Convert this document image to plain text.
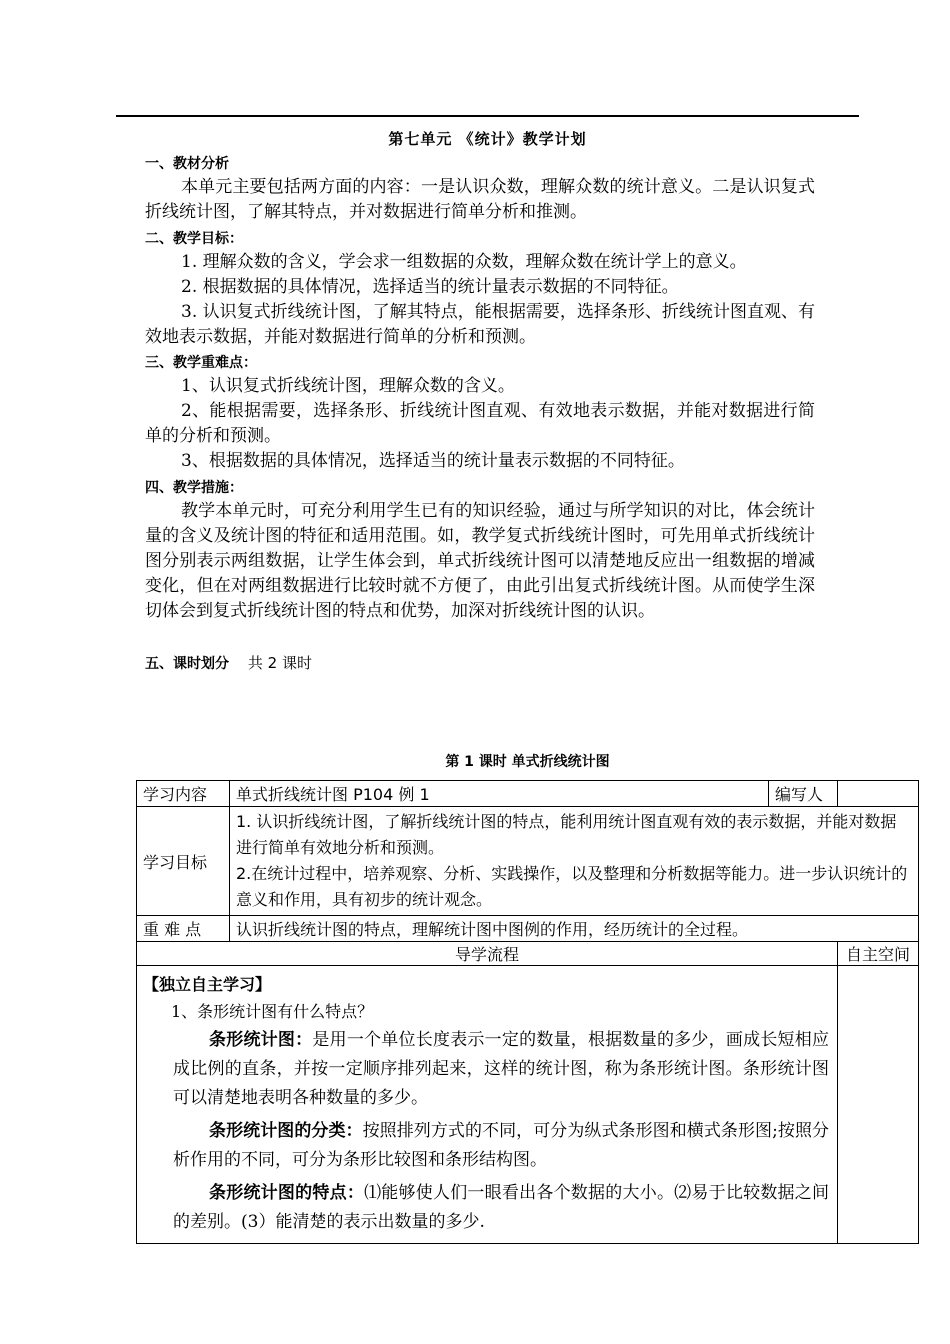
第七单元 《统计》教学计划
一、教材分析
本单元主要包括两方面的内容：一是认识众数，理解众数的统计意义。二是认识复式折线统计图，了解其特点，并对数据进行简单分析和推测。
二、教学目标：
1. 理解众数的含义，学会求一组数据的众数，理解众数在统计学上的意义。
2. 根据数据的具体情况，选择适当的统计量表示数据的不同特征。
3. 认识复式折线统计图，了解其特点，能根据需要，选择条形、折线统计图直观、有效地表示数据，并能对数据进行简单的分析和预测。
三、教学重难点：
1、认识复式折线统计图，理解众数的含义。
2、能根据需要，选择条形、折线统计图直观、有效地表示数据，并能对数据进行简单的分析和预测。
3、根据数据的具体情况，选择适当的统计量表示数据的不同特征。
四、教学措施：
教学本单元时，可充分利用学生已有的知识经验，通过与所学知识的对比，体会统计量的含义及统计图的特征和适用范围。如，教学复式折线统计图时，可先用单式折线统计图分别表示两组数据，让学生体会到，单式折线统计图可以清楚地反应出一组数据的增减变化，但在对两组数据进行比较时就不方便了，由此引出复式折线统计图。从而使学生深切体会到复式折线统计图的特点和优势，加深对折线统计图的认识。
五、课时划分 共 2 课时
第 1 课时 单式折线统计图
学习内容	单式折线统计图 P104 例 1	编写人	
学习目标	1. 认识折线统计图，了解折线统计图的特点，能利用统计图直观有效的表示数据，并能对数据进行简单有效地分析和预测。
2.在统计过程中，培养观察、分析、实践操作，以及整理和分析数据等能力。进一步认识统计的意义和作用，具有初步的统计观念。		

重 难 点	认识折线统计图的特点，理解统计图中图例的作用，经历统计的全过程。		
导学流程			自主空间

【独立自主学习】
1、条形统计图有什么特点？
条形统计图：是用一个单位长度表示一定的数量，根据数量的多少，画成长短相应成比例的直条，并按一定顺序排列起来，这样的统计图，称为条形统计图。条形统计图可以清楚地表明各种数量的多少。
条形统计图的分类：按照排列方式的不同，可分为纵式条形图和横式条形图;按照分析作用的不同，可分为条形比较图和条形结构图。
条形统计图的特点：⑴能够使人们一眼看出各个数据的大小。⑵易于比较数据之间的差别。(3）能清楚的表示出数量的多少.			
